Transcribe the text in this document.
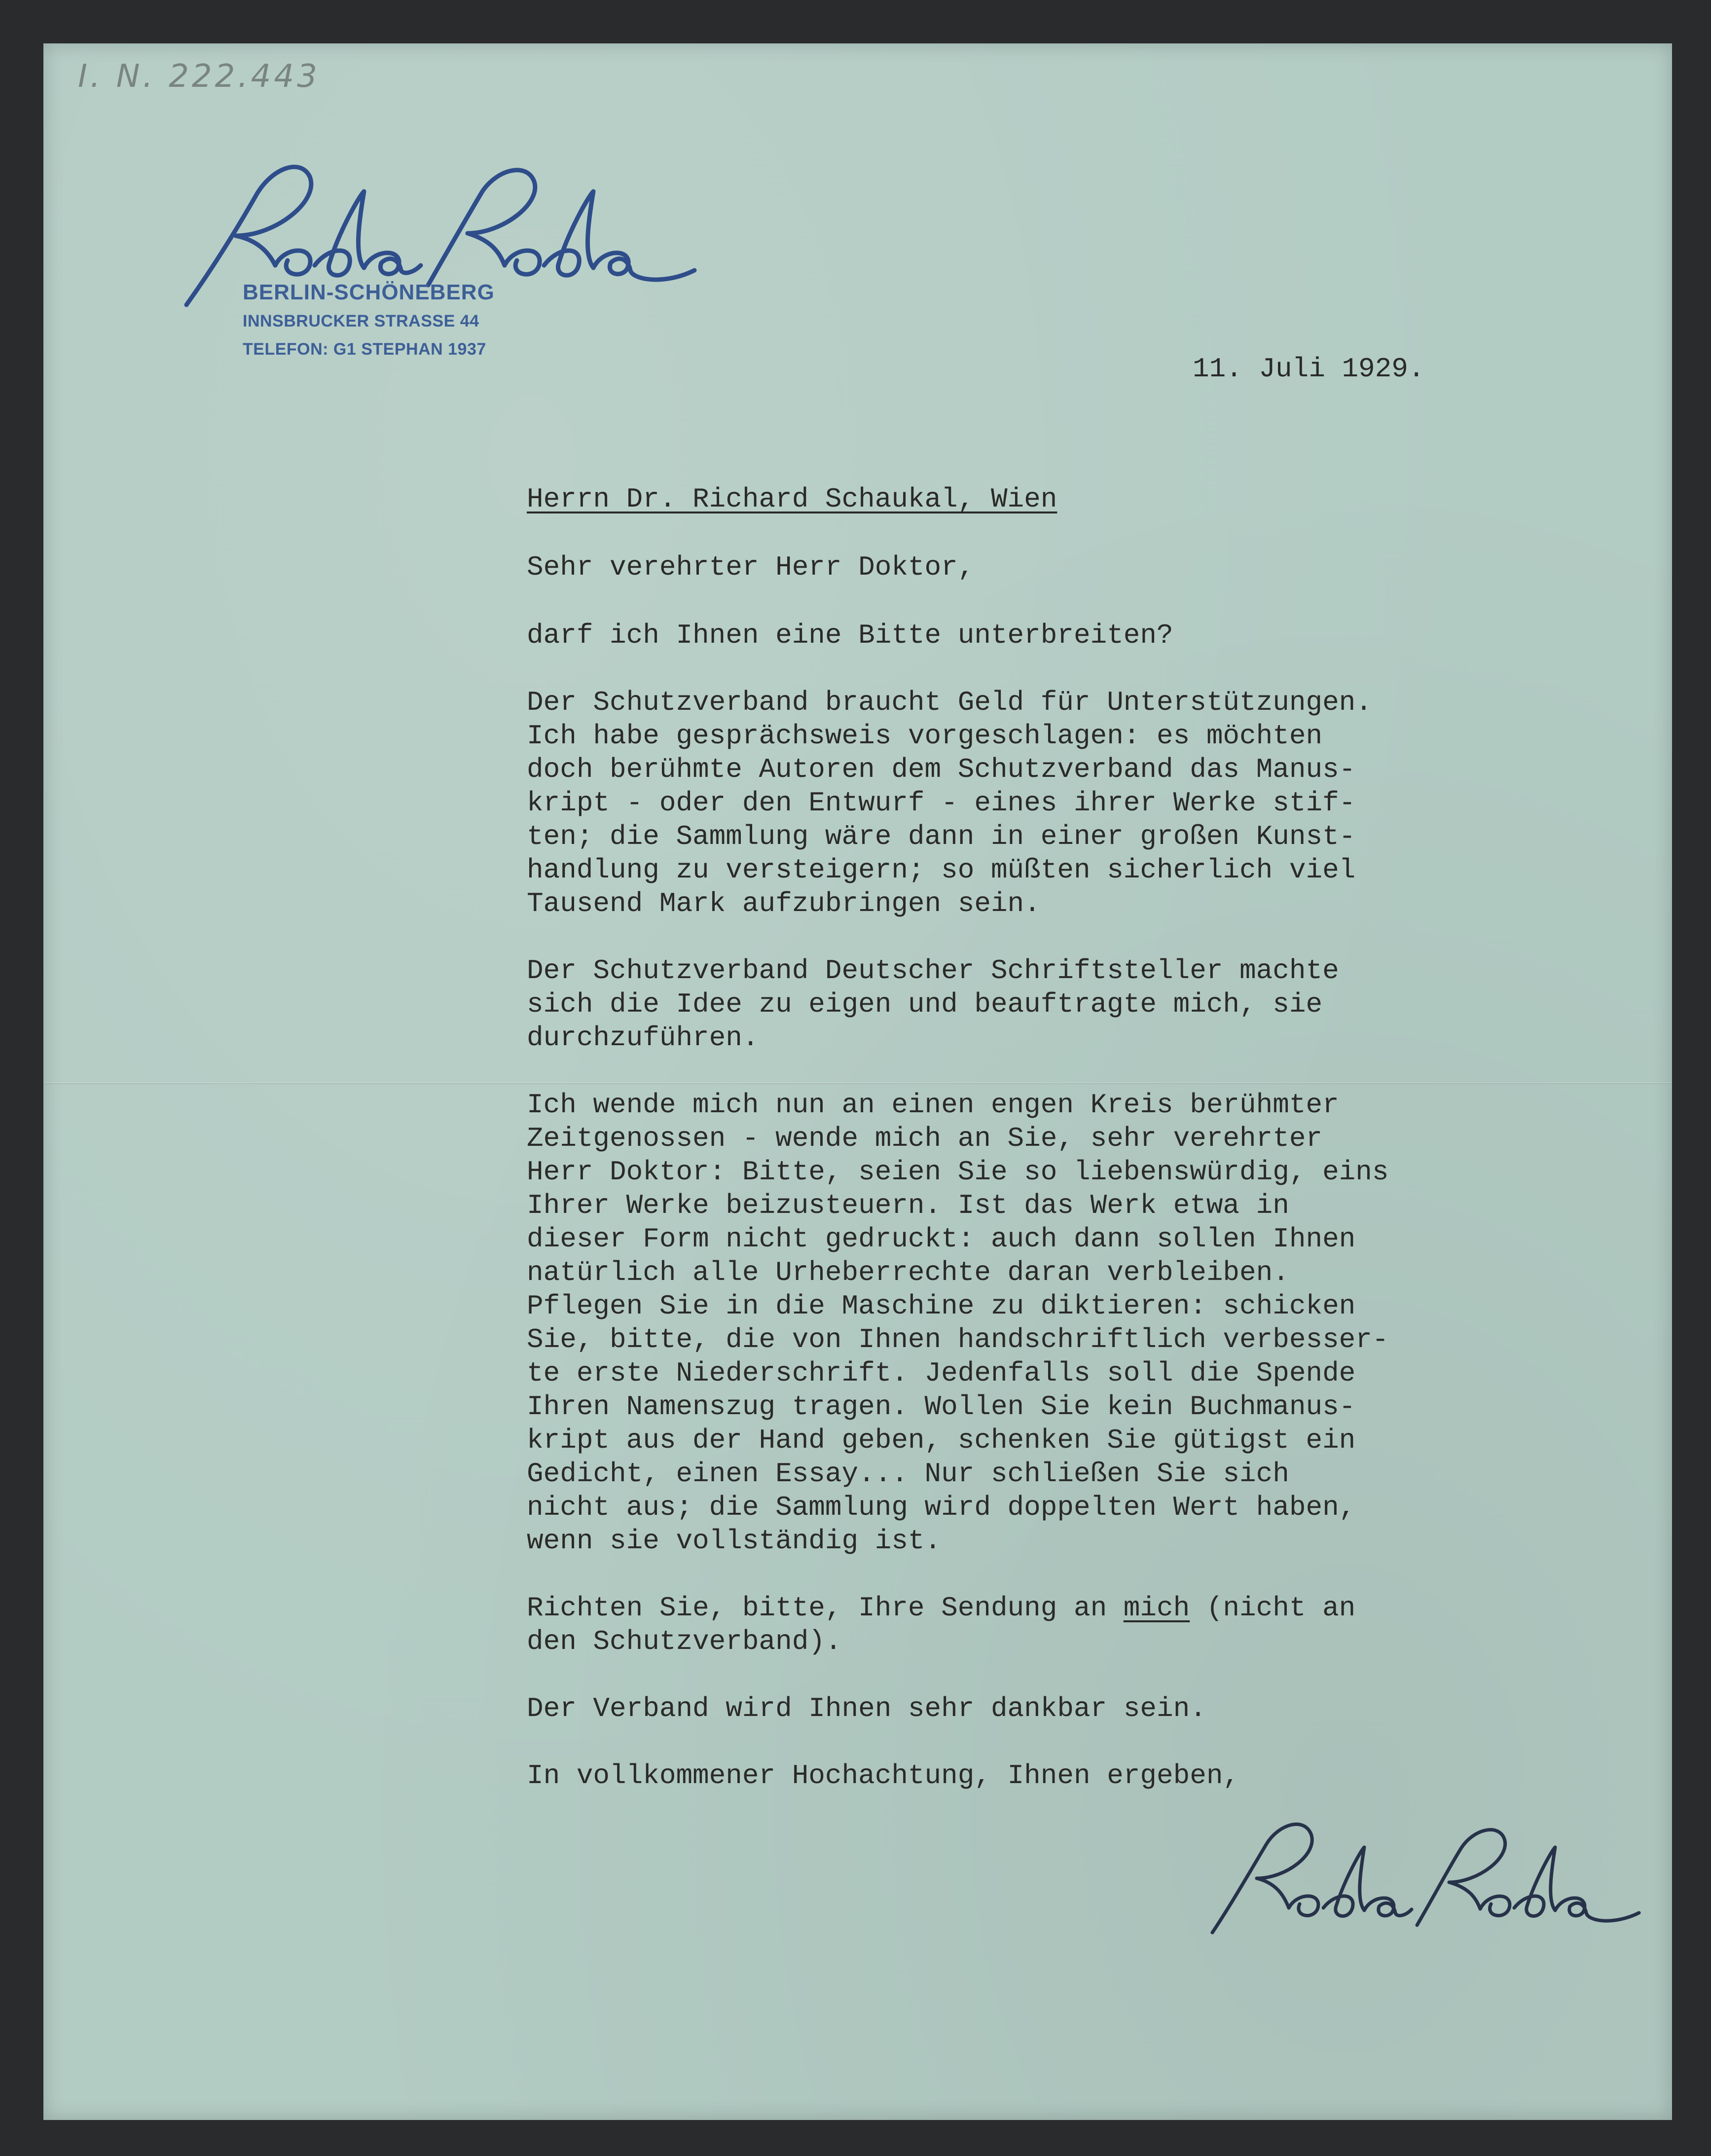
I. N. 222.443
BERLIN-SCHÖNEBERG
INNSBRUCKER STRASSE 44
TELEFON: G1 STEPHAN 1937
11. Juli 1929.

Herrn Dr. Richard Schaukal, Wien

Sehr verehrter Herr Doktor,

darf ich Ihnen eine Bitte unterbreiten?

Der Schutzverband braucht Geld für Unterstützungen.

Ich habe gesprächsweis vorgeschlagen: es möchten

doch berühmte Autoren dem Schutzverband das Manus-

kript - oder den Entwurf - eines ihrer Werke stif-

ten; die Sammlung wäre dann in einer großen Kunst-

handlung zu versteigern; so müßten sicherlich viel

Tausend Mark aufzubringen sein.

Der Schutzverband Deutscher Schriftsteller machte

sich die Idee zu eigen und beauftragte mich, sie

durchzuführen.

Ich wende mich nun an einen engen Kreis berühmter

Zeitgenossen - wende mich an Sie, sehr verehrter

Herr Doktor: Bitte, seien Sie so liebenswürdig, eins

Ihrer Werke beizusteuern. Ist das Werk etwa in

dieser Form nicht gedruckt: auch dann sollen Ihnen

natürlich alle Urheberrechte daran verbleiben.

Pflegen Sie in die Maschine zu diktieren: schicken

Sie, bitte, die von Ihnen handschriftlich verbesser-

te erste Niederschrift. Jedenfalls soll die Spende

Ihren Namenszug tragen. Wollen Sie kein Buchmanus-

kript aus der Hand geben, schenken Sie gütigst ein

Gedicht, einen Essay... Nur schließen Sie sich

nicht aus; die Sammlung wird doppelten Wert haben,

wenn sie vollständig ist.

Richten Sie, bitte, Ihre Sendung an mich (nicht an

den Schutzverband).

Der Verband wird Ihnen sehr dankbar sein.

In vollkommener Hochachtung, Ihnen ergeben,
